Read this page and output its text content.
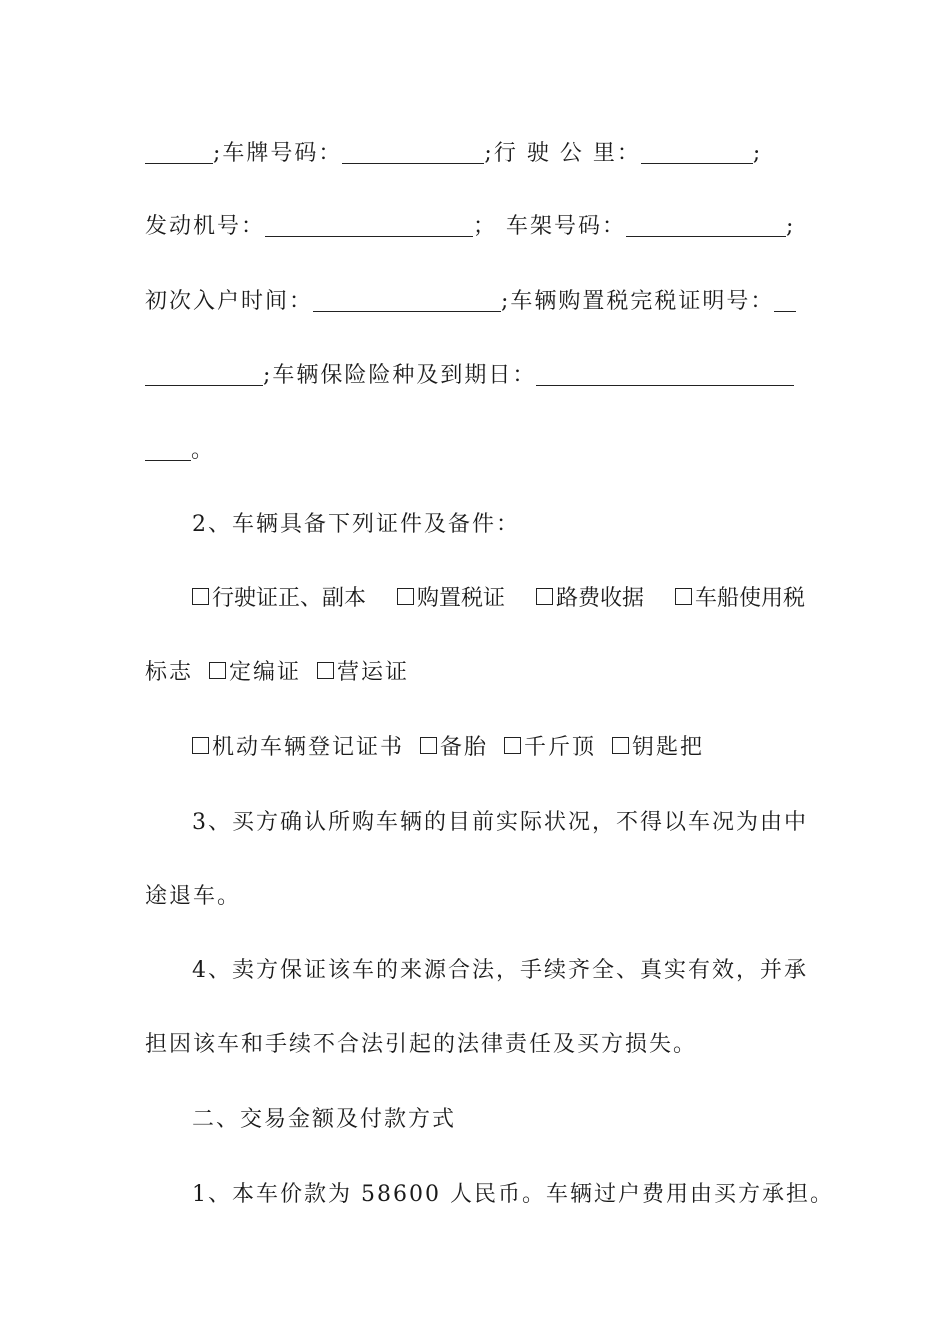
;车牌号码：	;行 驶 公 里：	;
发动机号：	； 车架号码：	;
初次入户时间：	;车辆购置税完税证明号：
;车辆保险险种及到期日：
。
2、车辆具备下列证件及备件：
行驶证正、副本	购置税证	路费收据	车船使用税
标志 定编证 营运证
机动车辆登记证书 备胎 千斤顶 钥匙把
3、买方确认所购车辆的目前实际状况，不得以车况为由中
途退车。
4、卖方保证该车的来源合法，手续齐全、真实有效，并承
担因该车和手续不合法引起的法律责任及买方损失。
二、交易金额及付款方式
1、本车价款为 58600 人民币。车辆过户费用由买方承担。
